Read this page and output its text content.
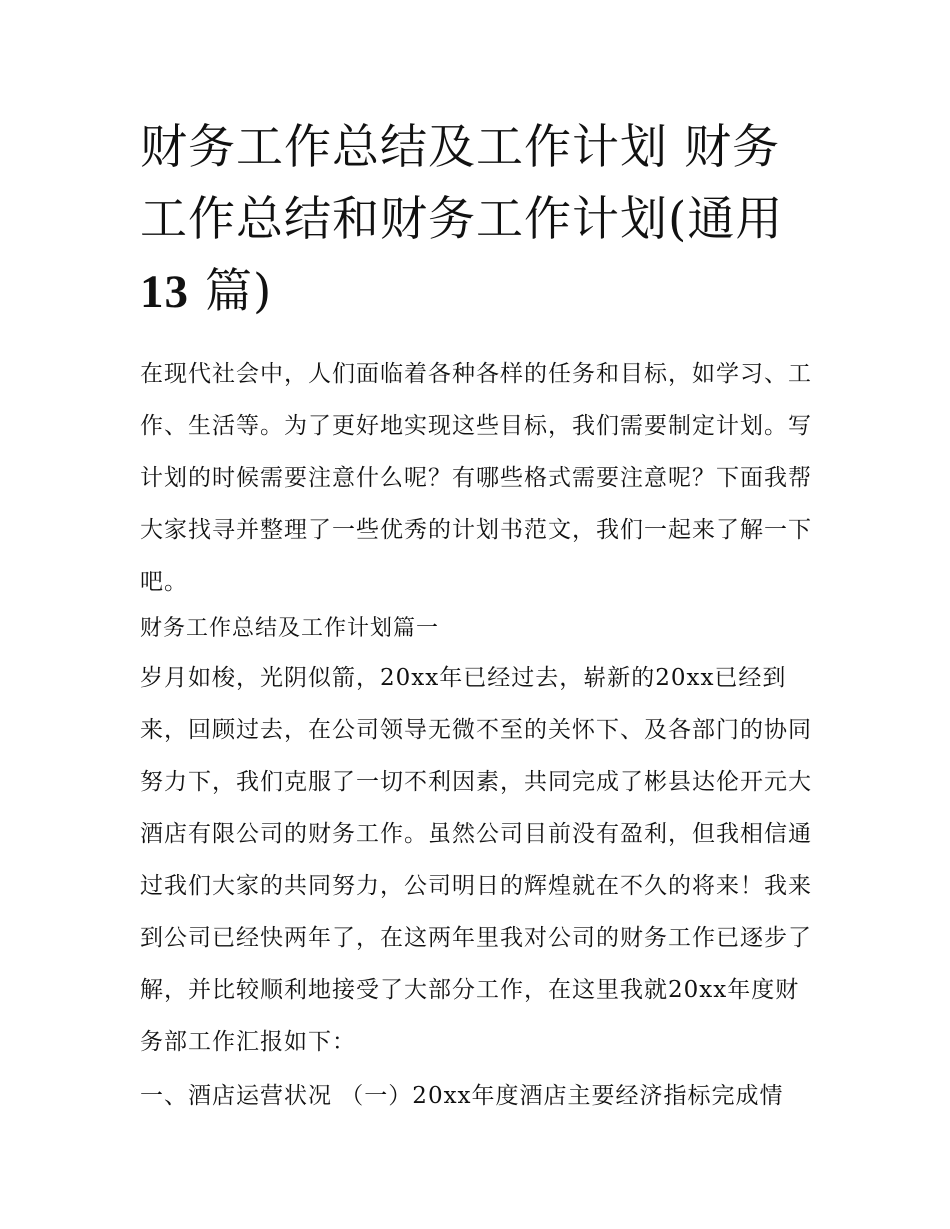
财务工作总结及工作计划 财务工作总结和财务工作计划(通用
13 篇)

在现代社会中，人们面临着各种各样的任务和目标，如学习、工作、生活等。为了更好地实现这些目标，我们需要制定计划。写计划的时候需要注意什么呢？有哪些格式需要注意呢？下面我帮大家找寻并整理了一些优秀的计划书范文，我们一起来了解一下吧。

财务工作总结及工作计划篇一

岁月如梭，光阴似箭，20xx年已经过去，崭新的20xx已经到来，回顾过去，在公司领导无微不至的关怀下、及各部门的协同努力下，我们克服了一切不利因素，共同完成了彬县达伦开元大酒店有限公司的财务工作。虽然公司目前没有盈利，但我相信通过我们大家的共同努力，公司明日的辉煌就在不久的将来！我来到公司已经快两年了，在这两年里我对公司的财务工作已逐步了解，并比较顺利地接受了大部分工作，在这里我就20xx年度财务部工作汇报如下：

一、酒店运营状况 （一）20xx年度酒店主要经济指标完成情
